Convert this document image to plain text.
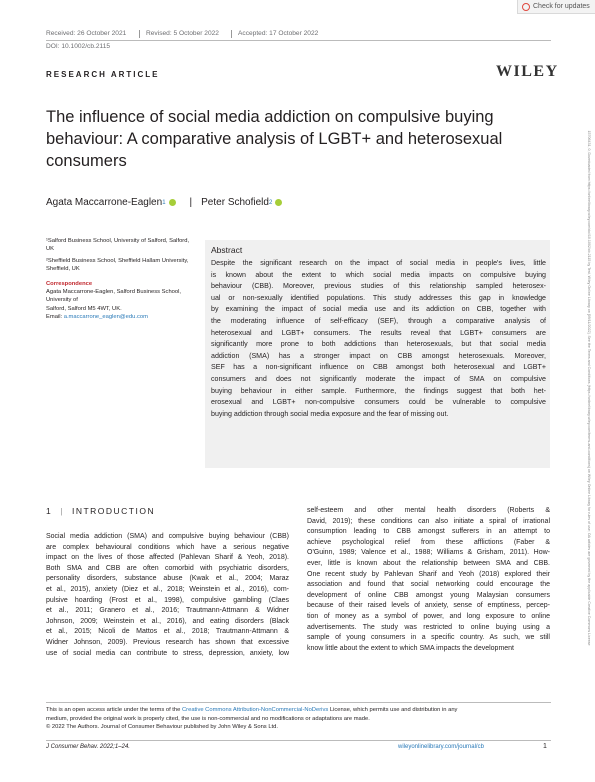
Check for updates
15706431, 0, Downloaded from https://onlinelibrary.wiley.com/doi/10.1002/cb.2115 by Test, Wiley Online Library on [09/11/2022]. See the Terms and Conditions (https://onlinelibrary.wiley.com/terms-and-conditions) on Wiley Online Library for rules of use; OA articles are governed by the applicable Creative Commons License
Received: 26 October 2021	Revised: 5 October 2022	Accepted: 17 October 2022
DOI: 10.1002/cb.2115
RESEARCH ARTICLE	WILEY
The influence of social media addiction on compulsive buying behaviour: A comparative analysis of LGBT+ and heterosexual consumers
Agata Maccarrone-Eaglen 1 | Peter Schofield 2

¹Salford Business School, University of Salford, Salford, UK

²Sheffield Business School, Sheffield Hallam University, Sheffield, UK

Correspondence

Agata Maccarrone-Eaglen, Salford Business School, University of

Salford, Salford M5 4WT, UK.

Email: a.maccarrone_eaglen@edu.com

Abstract
Despite the significant research on the impact of social media in people's lives, little
is known about the extent to which social media impacts on compulsive buying
behaviour (CBB). Moreover, previous studies of this relationship sampled heterosex-
ual or non-sexually identified populations. This study addresses this gap in knowledge
by examining the impact of social media use and its addiction on CBB, together with
the moderating influence of self-efficacy (SEF), through a comparative analysis of
heterosexual and LGBT+ consumers. The results reveal that LGBT+ consumers are
significantly more prone to both addictions than heterosexuals, but that social media
addiction (SMA) has a stronger impact on CBB amongst heterosexuals. Moreover,
SEF has a non-significant influence on CBB amongst both heterosexual and LGBT+
consumers and does not significantly moderate the impact of SMA on compulsive
buying behaviour in either sample. Furthermore, the findings suggest that both het-
erosexual and LGBT+ non-compulsive consumers could be vulnerable to compulsive
buying addiction through social media exposure and the fear of missing out.
1 | INTRODUCTION
Social media addiction (SMA) and compulsive buying behaviour (CBB)
are complex behavioural conditions which have a serious negative
impact on the lives of those affected (Pahlevan Sharif & Yeoh, 2018).
Both SMA and CBB are often comorbid with psychiatric disorders,
personality disorders, substance abuse (Kwak et al., 2004; Maraz
et al., 2015), anxiety (Diez et al., 2018; Weinstein et al., 2016), com-
pulsive hoarding (Frost et al., 1998), compulsive gambling (Claes
et al., 2011; Granero et al., 2016; Trautmann-Attmann & Widner
Johnson, 2009; Weinstein et al., 2016), and eating disorders (Black
et al., 2015; Nicoli de Mattos et al., 2018; Trautmann-Attmann &
Widner Johnson, 2009). Previous research has shown that excessive
use of social media can contribute to stress, depression, anxiety, low
self-esteem and other mental health disorders (Roberts &
David, 2019); these conditions can also initiate a spiral of irrational
consumption leading to CBB amongst sufferers in an attempt to
achieve psychological relief from these afflictions (Faber &
O'Guinn, 1989; Valence et al., 1988; Williams & Grisham, 2011). How-
ever, little is known about the relationship between SMA and CBB.
One recent study by Pahlevan Sharif and Yeoh (2018) explored their
association and found that social networking could encourage the
development of online CBB amongst young Malaysian consumers
because of their raised levels of anxiety, sense of emptiness, percep-
tion of money as a symbol of power, and long exposure to online
advertisements. The study was restricted to online buying using a
sample of young consumers in a specific country. As such, we still
know little about the extent to which SMA impacts the development
This is an open access article under the terms of the Creative Commons Attribution-NonCommercial-NoDerivs License, which permits use and distribution in any
medium, provided the original work is properly cited, the use is non-commercial and no modifications or adaptations are made.
© 2022 The Authors. Journal of Consumer Behaviour published by John Wiley & Sons Ltd.
J Consumer Behav. 2022;1–24.	wileyonlinelibrary.com/journal/cb	1
